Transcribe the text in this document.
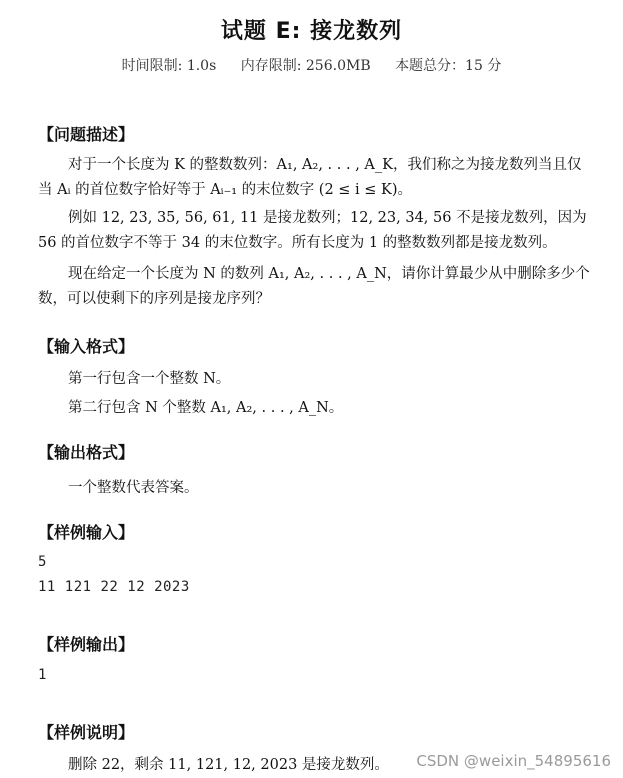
试题 E: 接龙数列
时间限制: 1.0s 内存限制: 256.0MB 本题总分：15 分
【问题描述】
对于一个长度为 K 的整数数列：A₁, A₂, . . . , A_K，我们称之为接龙数列当且仅当 Aᵢ 的首位数字恰好等于 Aᵢ₋₁ 的末位数字 (2 ≤ i ≤ K)。
例如 12, 23, 35, 56, 61, 11 是接龙数列；12, 23, 34, 56 不是接龙数列，因为 56 的首位数字不等于 34 的末位数字。所有长度为 1 的整数数列都是接龙数列。
现在给定一个长度为 N 的数列 A₁, A₂, . . . , A_N，请你计算最少从中删除多少个数，可以使剩下的序列是接龙序列？
【输入格式】
第一行包含一个整数 N。
第二行包含 N 个整数 A₁, A₂, . . . , A_N。
【输出格式】
一个整数代表答案。
【样例输入】
5
11 121 22 12 2023
【样例输出】
1
【样例说明】
删除 22，剩余 11, 121, 12, 2023 是接龙数列。 CSDN @weixin_54895616
